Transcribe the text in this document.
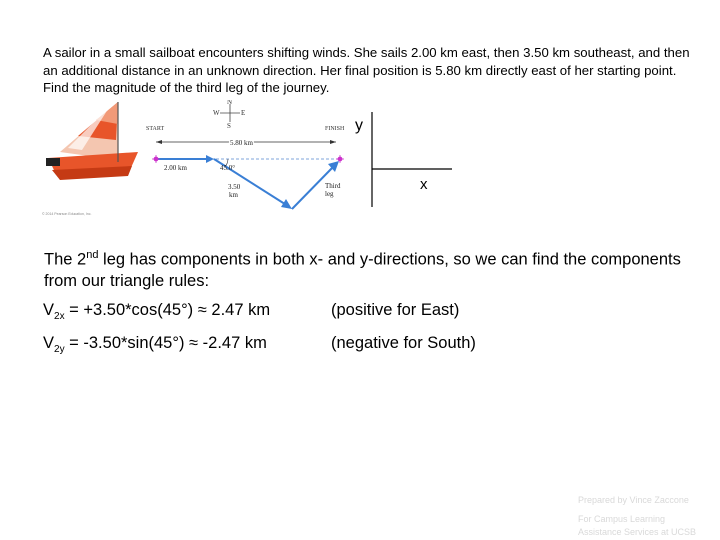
A sailor in a small sailboat encounters shifting winds. She sails 2.00 km east, then 3.50 km southeast, and then an additional distance in an unknown direction. Her final position is 5.80 km directly east of her starting point. Find the magnitude of the third leg of the journey.
© 2014 Pearson Education, Inc.
N
W	E
S
START	FINISH
5.80 km
2.00 km	45.0°
3.50
km
Third
leg
y
x
The 2nd leg has components in both x- and y-directions, so we can find the components from our triangle rules:
$V_{2x} = +3.50*\cos(45^\circ) \approx 2.47$ km	(positive for East)
$V_{2y} = -3.50*\sin(45^\circ) \approx -2.47$ km	(negative for South)
Prepared by Vince Zaccone
For Campus Learning
Assistance Services at UCSB
